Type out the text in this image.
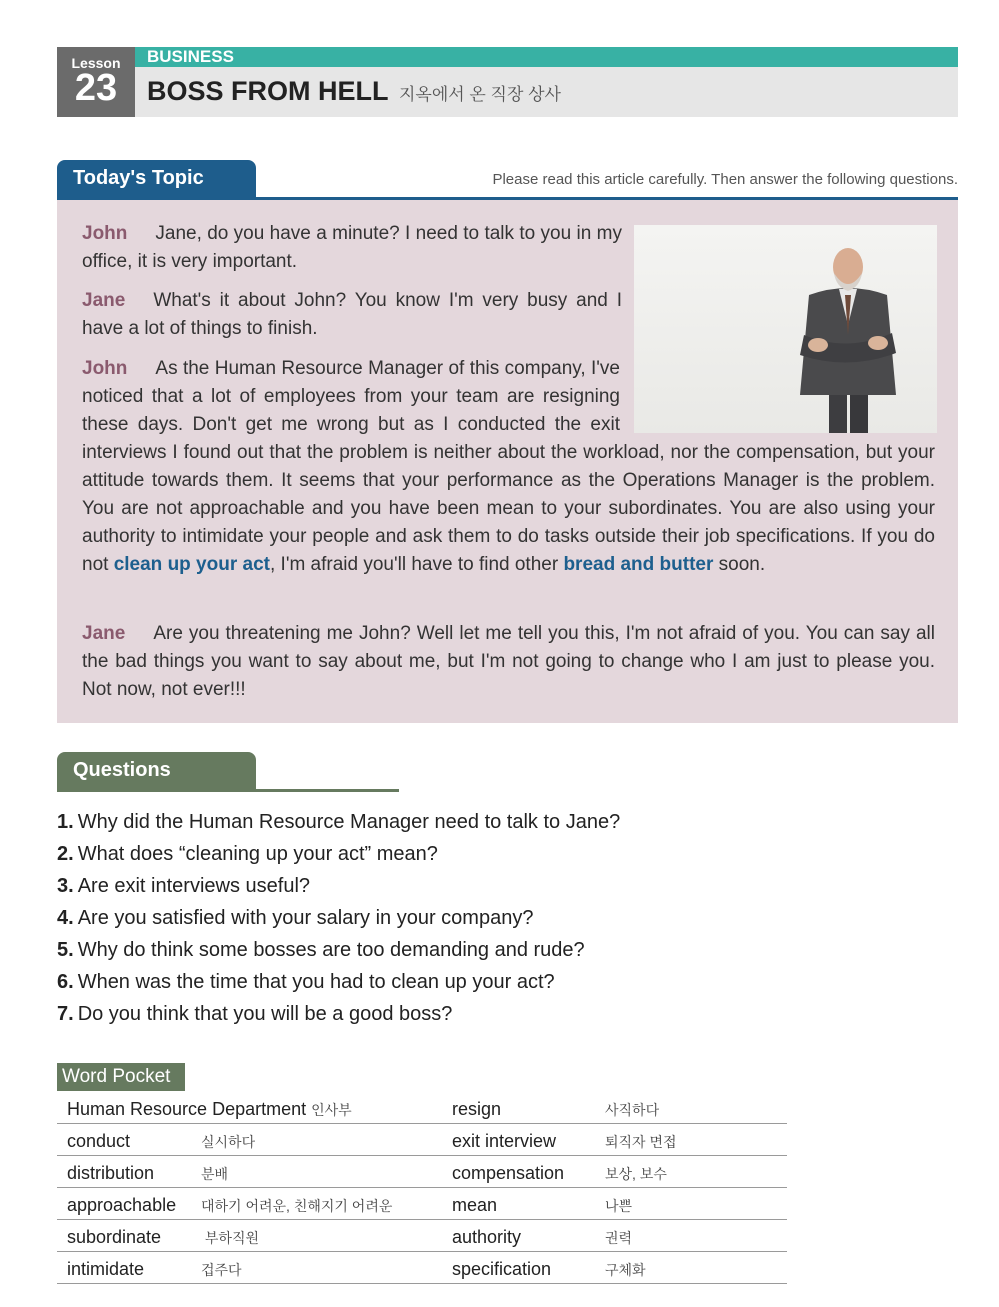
Lesson
23
BUSINESS
BOSS FROM HELL 지옥에서 온 직장 상사
Today's Topic	Please read this article carefully. Then answer the following questions.
John Jane, do you have a minute? I need to talk to you in my office, it is very important.
Jane What's it about John? You know I'm very busy and I have a lot of things to finish.
John As the Human Resource Manager of this company, I've noticed that a lot of employees from your team are resigning these days. Don't get me wrong but as I conducted the exit interviews I found out that the problem is neither about the workload, nor the compensation, but your attitude towards them. It seems that your performance as the Operations Manager is the problem. You are not approachable and you have been mean to your subordinates. You are also using your authority to intimidate your people and ask them to do tasks outside their job specifications. If you do not clean up your act, I'm afraid you'll have to find other bread and butter soon.
Jane Are you threatening me John? Well let me tell you this, I'm not afraid of you. You can say all the bad things you want to say about me, but I'm not going to change who I am just to please you. Not now, not ever!!!
Questions
1. Why did the Human Resource Manager need to talk to Jane?
2. What does “cleaning up your act” mean?
3. Are exit interviews useful?
4. Are you satisfied with your salary in your company?
5. Why do think some bosses are too demanding and rude?
6. When was the time that you had to clean up your act?
7. Do you think that you will be a good boss?
Word Pocket
Human Resource Department 인사부		resign	사직하다
conduct	실시하다	exit interview	퇴직자 면접
distribution	분배	compensation	보상, 보수
approachable	대하기 어려운, 친해지기 어려운	mean	나쁜
subordinate	부하직원	authority	권력
intimidate	겁주다	specification	구체화
